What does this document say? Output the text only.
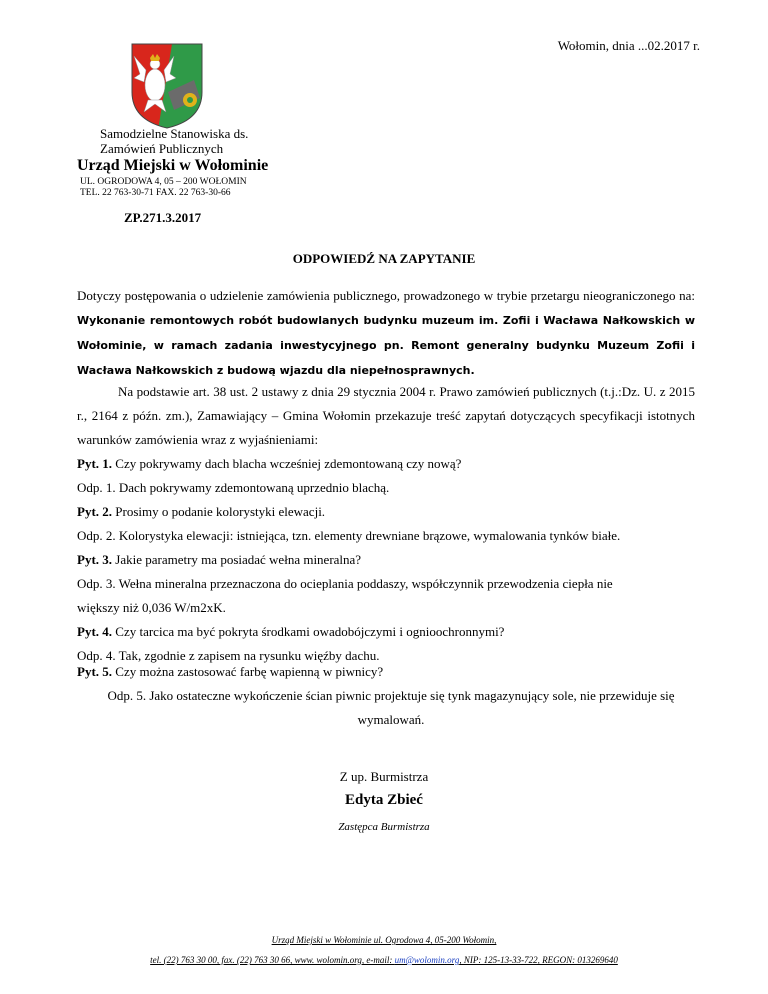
Wołomin, dnia ...02.2017 r.
Samodzielne Stanowiska ds.
Zamówień Publicznych
Urząd Miejski w Wołominie
UL. OGRODOWA 4, 05 – 200 WOŁOMIN
TEL. 22 763-30-71 FAX. 22 763-30-66
ZP.271.3.2017
ODPOWIEDŹ NA ZAPYTANIE
Dotyczy postępowania o udzielenie zamówienia publicznego, prowadzonego w trybie przetargu nieograniczonego na: Wykonanie remontowych robót budowlanych budynku muzeum im. Zofii i Wacława Nałkowskich w Wołominie, w ramach zadania inwestycyjnego pn. Remont generalny budynku Muzeum Zofii i Wacława Nałkowskich z budową wjazdu dla niepełnosprawnych.
Na podstawie art. 38 ust. 2 ustawy z dnia 29 stycznia 2004 r. Prawo zamówień publicznych (t.j.:Dz. U. z 2015 r., 2164 z późn. zm.), Zamawiający – Gmina Wołomin przekazuje treść zapytań dotyczących specyfikacji istotnych warunków zamówienia wraz z wyjaśnieniami:
Pyt. 1. Czy pokrywamy dach blacha wcześniej zdemontowaną czy nową?
Odp. 1. Dach pokrywamy zdemontowaną uprzednio blachą.
Pyt. 2. Prosimy o podanie kolorystyki elewacji.
Odp. 2. Kolorystyka elewacji: istniejąca, tzn. elementy drewniane brązowe, wymalowania tynków białe.
Pyt. 3. Jakie parametry ma posiadać wełna mineralna?
Odp. 3. Wełna mineralna przeznaczona do ocieplania poddaszy, współczynnik przewodzenia ciepła nie większy niż 0,036 W/m2xK.
Pyt. 4. Czy tarcica ma być pokryta środkami owadobójczymi i ognioochronnymi?
Odp. 4. Tak, zgodnie z zapisem na rysunku więźby dachu.
Pyt. 5. Czy można zastosować farbę wapienną w piwnicy?
Odp. 5. Jako ostateczne wykończenie ścian piwnic projektuje się tynk magazynujący sole, nie przewiduje się wymalowań.
Z up. Burmistrza
Edyta Zbieć
Zastępca Burmistrza
Urząd Miejski w Wołominie ul. Ogrodowa 4, 05-200 Wołomin,
tel. (22) 763 30 00, fax. (22) 763 30 66, www. wolomin.org, e-mail: um@wolomin.org, NIP: 125-13-33-722, REGON: 013269640
